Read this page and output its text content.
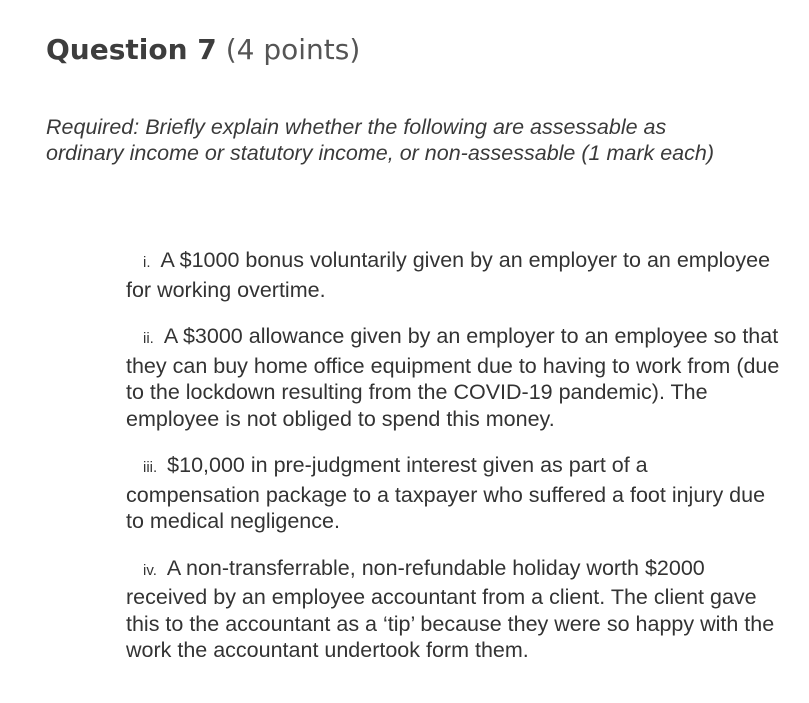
Question 7 (4 points)

Required: Briefly explain whether the following are assessable as ordinary income or statutory income, or non-assessable (1 mark each)

i. A $1000 bonus voluntarily given by an employer to an employee for working overtime.
ii. A $3000 allowance given by an employer to an employee so that they can buy home office equipment due to having to work from (due to the lockdown resulting from the COVID-19 pandemic). The employee is not obliged to spend this money.
iii. $10,000 in pre-judgment interest given as part of a compensation package to a taxpayer who suffered a foot injury due to medical negligence.
iv. A non-transferrable, non-refundable holiday worth $2000 received by an employee accountant from a client. The client gave this to the accountant as a ‘tip’ because they were so happy with the work the accountant undertook form them.
